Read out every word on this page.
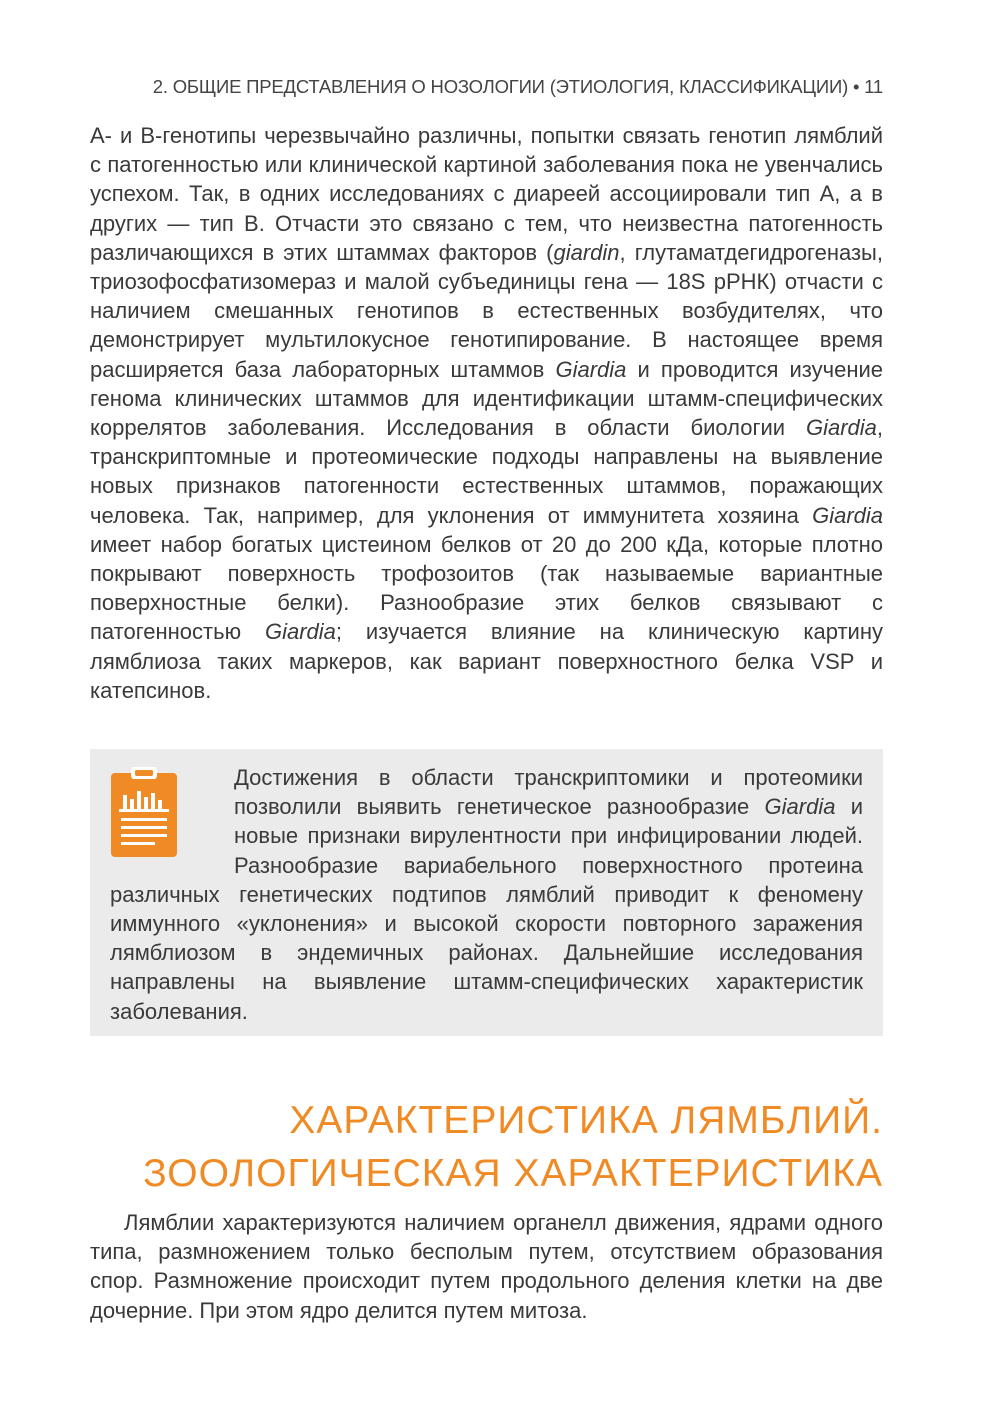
2. ОБЩИЕ ПРЕДСТАВЛЕНИЯ О НОЗОЛОГИИ (ЭТИОЛОГИЯ, КЛАССИФИКАЦИИ) • 11

А- и В-генотипы черезвычайно различны, попытки связать генотип лямблий с патогенностью или клинической картиной заболевания пока не увенчались успехом. Так, в одних исследованиях с диареей ассоциировали тип А, а в других — тип В. Отчасти это связано с тем, что неизвестна патогенность различающихся в этих штаммах факторов (giardin, глутаматдегидрогеназы, триозофосфатизомераз и малой субъединицы гена — 18S рРНК) отчасти с наличием смешанных генотипов в естественных возбудителях, что демонстрирует мультилокусное генотипирование. В настоящее время расширяется база лабораторных штаммов Giardia и проводится изучение генома клинических штаммов для идентификации штамм-специфических коррелятов заболевания. Исследования в области биологии Giardia, транскриптомные и протеомические подходы направлены на выявление новых признаков патогенности естественных штаммов, поражающих человека. Так, например, для уклонения от иммунитета хозяина Giardia имеет набор богатых цистеином белков от 20 до 200 кДа, которые плотно покрывают поверхность трофозоитов (так называемые вариантные поверхностные белки). Разнообразие этих белков связывают с патогенностью Giardia; изучается влияние на клиническую картину лямблиоза таких маркеров, как вариант поверхностного белка VSP и катепсинов.

Достижения в области транскриптомики и протеомики позволили выявить генетическое разнообразие Giardia и новые признаки вирулентности при инфицировании людей. Разнообразие вариабельного поверхностного протеина различных генетических подтипов лямблий приводит к феномену иммунного «уклонения» и высокой скорости повторного заражения лямблиозом в эндемичных районах. Дальнейшие исследования направлены на выявление штамм-специфических характеристик заболевания.

ХАРАКТЕРИСТИКА ЛЯМБЛИЙ.
ЗООЛОГИЧЕСКАЯ ХАРАКТЕРИСТИКА

Лямблии характеризуются наличием органелл движения, ядрами одного типа, размножением только бесполым путем, отсутствием образования спор. Размножение происходит путем продольного деления клетки на две дочерние. При этом ядро делится путем митоза.
